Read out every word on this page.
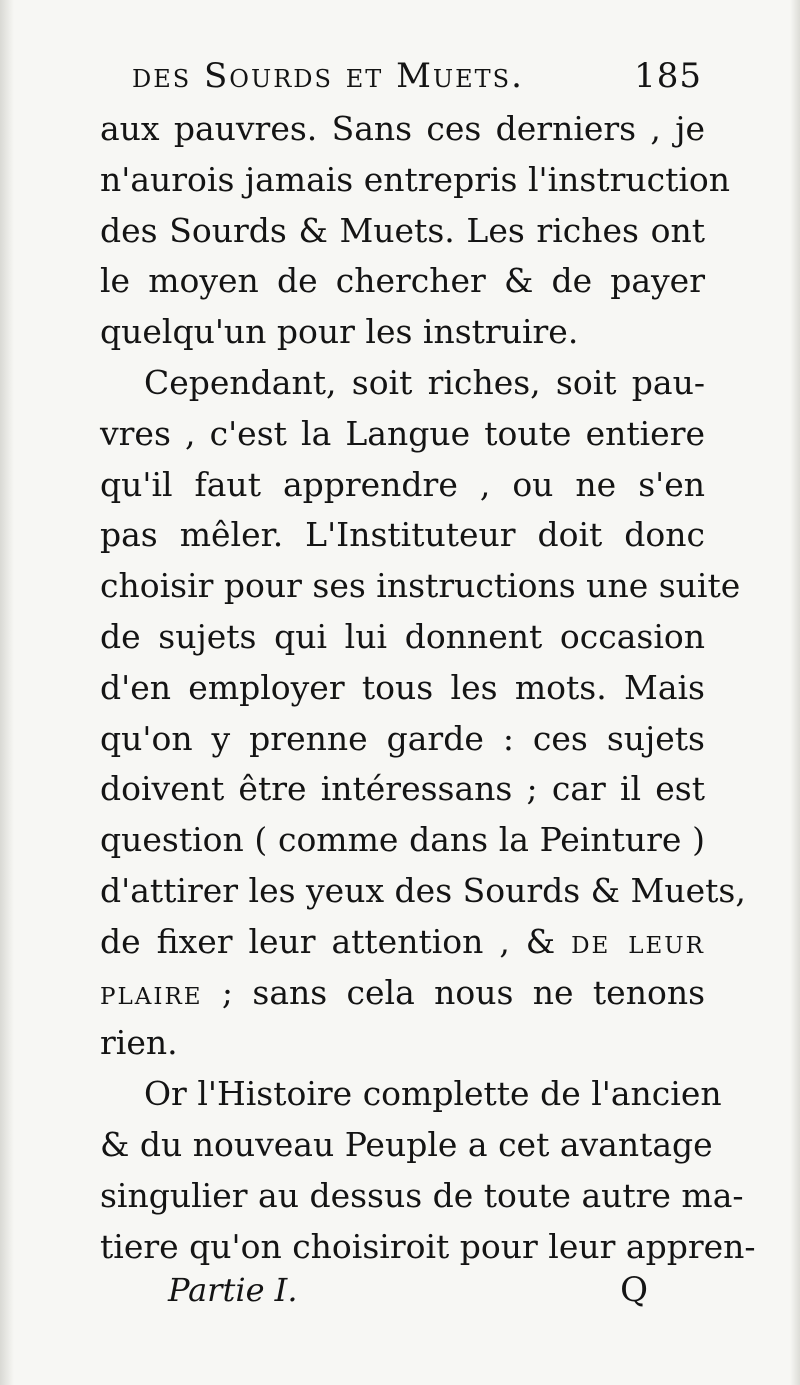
des Sourds et Muets.	185
aux pauvres. Sans ces derniers , je
n'aurois jamais entrepris l'instruction
des Sourds & Muets. Les riches ont
le moyen de chercher & de payer
quelqu'un pour les instruire.
Cependant, soit riches, soit pau-
vres , c'est la Langue toute entiere
qu'il faut apprendre , ou ne s'en
pas mêler. L'Instituteur doit donc
choisir pour ses instructions une suite
de sujets qui lui donnent occasion
d'en employer tous les mots. Mais
qu'on y prenne garde : ces sujets
doivent être intéressans ; car il est
question ( comme dans la Peinture )
d'attirer les yeux des Sourds & Muets,
de fixer leur attention , & de leur
plaire ; sans cela nous ne tenons
rien.
Or l'Histoire complette de l'ancien
& du nouveau Peuple a cet avantage
singulier au dessus de toute autre ma-
tiere qu'on choisiroit pour leur appren-
Partie I.	Q
